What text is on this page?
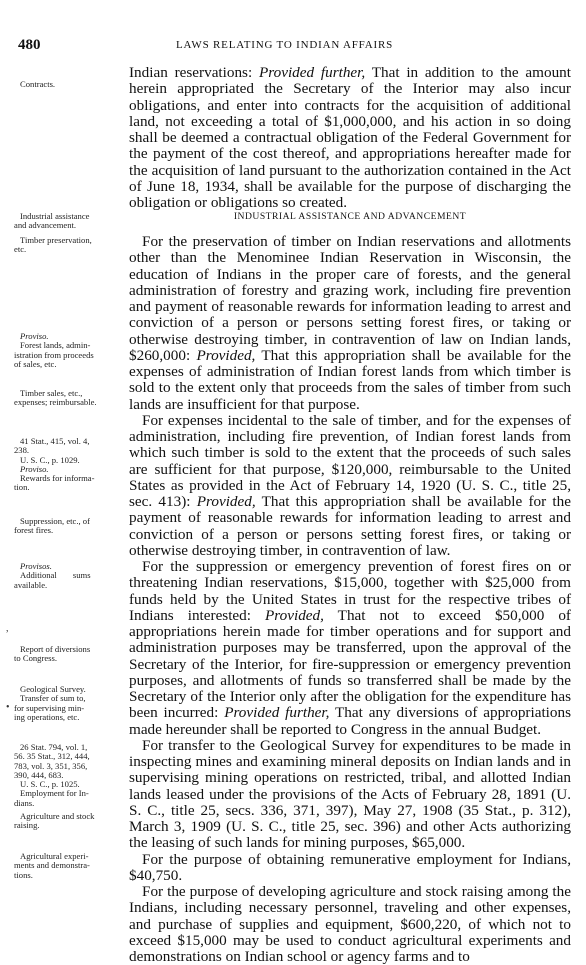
480	LAWS RELATING TO INDIAN AFFAIRS
Contracts.
Industrial assistance
and advancement.
Timber preservation,
etc.
Proviso.
Forest lands, admin-
istration from proceeds
of sales, etc.
Timber sales, etc.,
expenses; reimbursable.
41 Stat., 415, vol. 4,
238.
U. S. C., p. 1029.
Proviso.
Rewards for informa-
tion.
Suppression, etc., of
forest fires.
Provisos.
Additional sums
available.
,
Report of diversions
to Congress.
Geological Survey.
Transfer of sum to,
for supervising min-
ing operations, etc.
•
26 Stat. 794, vol. 1,
56. 35 Stat., 312, 444,
783, vol. 3, 351, 356,
390, 444, 683.
U. S. C., p. 1025.
Employment for In-
dians.
Agriculture and stock
raising.
Agricultural experi-
ments and demonstra-
tions.

Indian reservations: Provided further, That in addition to the amount herein appropriated the Secretary of the Interior may also incur obligations, and enter into contracts for the acquisition of additional land, not exceeding a total of $1,000,000, and his action in so doing shall be deemed a contractual obligation of the Federal Government for the payment of the cost thereof, and appropriations hereafter made for the acquisition of land pursuant to the authorization contained in the Act of June 18, 1934, shall be available for the purpose of discharging the obligation or obligations so created.

INDUSTRIAL ASSISTANCE AND ADVANCEMENT

For the preservation of timber on Indian reservations and allotments other than the Menominee Indian Reservation in Wisconsin, the education of Indians in the proper care of forests, and the general administration of forestry and grazing work, including fire prevention and payment of reasonable rewards for information leading to arrest and conviction of a person or persons setting forest fires, or taking or otherwise destroying timber, in contravention of law on Indian lands, $260,000: Provided, That this appropriation shall be available for the expenses of administration of Indian forest lands from which timber is sold to the extent only that proceeds from the sales of timber from such lands are insufficient for that purpose.

For expenses incidental to the sale of timber, and for the expenses of administration, including fire prevention, of Indian forest lands from which such timber is sold to the extent that the proceeds of such sales are sufficient for that purpose, $120,000, reimbursable to the United States as provided in the Act of February 14, 1920 (U. S. C., title 25, sec. 413): Provided, That this appropriation shall be available for the payment of reasonable rewards for information leading to arrest and conviction of a person or persons setting forest fires, or taking or otherwise destroying timber, in contravention of law.

For the suppression or emergency prevention of forest fires on or threatening Indian reservations, $15,000, together with $25,000 from funds held by the United States in trust for the respective tribes of Indians interested: Provided, That not to exceed $50,000 of appropriations herein made for timber operations and for support and administration purposes may be transferred, upon the approval of the Secretary of the Interior, for fire-suppression or emergency prevention purposes, and allotments of funds so transferred shall be made by the Secretary of the Interior only after the obligation for the expenditure has been incurred: Provided further, That any diversions of appropriations made hereunder shall be reported to Congress in the annual Budget.

For transfer to the Geological Survey for expenditures to be made in inspecting mines and examining mineral deposits on Indian lands and in supervising mining operations on restricted, tribal, and allotted Indian lands leased under the provisions of the Acts of February 28, 1891 (U. S. C., title 25, secs. 336, 371, 397), May 27, 1908 (35 Stat., p. 312), March 3, 1909 (U. S. C., title 25, sec. 396) and other Acts authorizing the leasing of such lands for mining purposes, $65,000.

For the purpose of obtaining remunerative employment for Indians, $40,750.

For the purpose of developing agriculture and stock raising among the Indians, including necessary personnel, traveling and other expenses, and purchase of supplies and equipment, $600,220, of which not to exceed $15,000 may be used to conduct agricultural experiments and demonstrations on Indian school or agency farms and to
